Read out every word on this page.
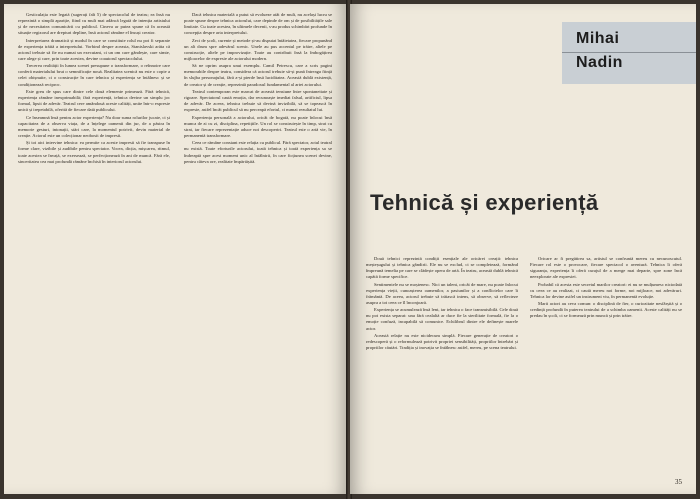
Gesticulația este legată (sugerați faît 5) de spectacolul de teatru; ea însă nu reprezintă o simplă apariție, fiind cu mult mai adâncă legată de intenția artistului și de necesitatea comunicării cu publicul. Cineva ar putea spune că în această situație regizorul are drepturi depline, însă actorul rămâne el însuși creator.

Interpretarea dramatică și modul în care se constituie rolul nu pot fi separate de experiența trăită a interpretului. Vorbind despre aceasta, Stanislavski arăta că actorul trebuie să fie nu numai un executant, ci un om care gândește, care simte, care alege și care, prin toate acestea, devine coautorul spectacolului.

Trecerea realității în lumea scenei presupune o transformare, o reînnoire care conferă materialului brut o semnificație nouă. Realitatea scenică nu este o copie a celei obișnuite, ci o construcție în care tehnica și experiența se întâlnesc și se condiționează reciproc.

Este greu de spus care dintre cele două elemente primează. Fără tehnică, experiența rămâne inexprimabilă; fără experiență, tehnica devine un simplu joc formal, lipsit de adevăr. Teatrul cere amândouă aceste calități, unite într-o expresie unică și irepetabilă, oferită de fiecare dată publicului.

Ce înseamnă însă pentru actor experiența? Nu doar suma rolurilor jucate, ci și capacitatea de a observa viața, de a înțelege oamenii din jur, de a păstra în memorie gesturi, intonații, stări care, la momentul potrivit, devin material de creație. Actorul este un colecționar neobosit de impresii.

Și tot aici intervine tehnica: ea permite ca aceste impresii să fie transpuse în forme clare, vizibile și audibile pentru spectator. Vocea, dicția, mișcarea, ritmul, toate acestea se învață, se exersează, se perfecționează în ani de muncă. Fără ele, sinceritatea cea mai profundă rămâne închisă în interiorul actorului.

Dacă tehnica materială a putut să evolueze atât de mult, nu același lucru se poate spune despre tehnica actorului, care depinde de om și de posibilitățile sale limitate. Cu toate acestea, în ultimele decenii, s-au produs schimbări profunde în concepția despre arta interpretului.

Zeci de școli, curente și metode și-au disputat întâietatea, fiecare propunând un alt drum spre adevărul scenic. Unele au pus accentul pe trăire, altele pe construcție, altele pe improvizație. Toate au contribuit însă la îmbogățirea mijloacelor de expresie ale actorului modern.

Să ne oprim asupra unui exemplu. Camil Petrescu, care a scris pagini memorabile despre teatru, considera că actorul trebuie să-și pună întreaga ființă în slujba personajului, fără a-și pierde însă luciditatea. Această dublă existență, de creator și de creație, reprezintă paradoxul fundamental al artei actorului.

Teatrul contemporan este marcat de această tensiune între spontaneitate și rigoare. Spectatorul caută emoția, dar recunoaște imediat falsul, artificiul, lipsa de adevăr. De aceea, tehnica trebuie să devină invizibilă, să se topească în expresie, astfel încât publicul să nu perceapă efortul, ci numai rezultatul lui.

Experiența personală a actorului, oricât de bogată, nu poate înlocui însă munca de zi cu zi, disciplina, repetițiile. Un rol se construiește în timp, strat cu strat, iar fiecare reprezentație aduce noi descoperiri. Teatrul este o artă vie, în permanentă transformare.

Ceea ce rămâne constant este relația cu publicul. Fără spectator, actul teatral nu există. Toate eforturile actorului, toată tehnica și toată experiența sa se îndreaptă spre acest moment unic al întâlnirii, în care ficțiunea scenei devine, pentru câteva ore, realitate împărtășită.

Mihai
Nadin
Tehnică și experiență

Două tehnici reprezintă condiții esențiale ale oricărei creații: tehnica meșteșugului și tehnica gândirii. Ele nu se exclud, ci se completează, formând împreună temelia pe care se clădește opera de artă. În teatru, această dublă tehnică capătă forme specifice.

Sentimentele nu se moștenesc. Nici un talent, oricât de mare, nu poate înlocui experiența vieții, cunoașterea oamenilor, a pasiunilor și a conflictelor care îi frământă. De aceea, actorul trebuie să trăiască intens, să observe, să reflecteze asupra a tot ceea ce îl înconjoară.

Experiența se acumulează însă lent, iar tehnica o face transmisibilă. Cele două nu pot exista separat: una fără cealaltă ar duce fie la sterilitate formală, fie la o emoție confuză, incapabilă să comunice. Echilibrul dintre ele definește marele actor.

Această relație nu este nicidecum simplă. Fiecare generație de creatori o redescoperă și o reformulează potrivit propriei sensibilități, propriilor întrebări și propriilor căutări. Tradiția și inovația se întâlnesc astfel, mereu, pe scena teatrului.

Oricare ar fi pregătirea sa, artistul se confruntă mereu cu necunoscutul. Fiecare rol este o provocare, fiecare spectacol o aventură. Tehnica îi oferă siguranța, experiența îi oferă curajul de a merge mai departe, spre zone încă neexplorate ale expresiei.

Probabil că acesta este secretul marilor creatori: ei nu se mulțumesc niciodată cu ceea ce au realizat, ci caută mereu noi forme, noi mijloace, noi adevăruri. Tehnica lor devine astfel un instrument viu, în permanentă evoluție.

Marii actori au ceva comun: o disciplină de fier, o curiozitate nesfârșită și o credință profundă în puterea teatrului de a schimba oamenii. Aceste calități nu se predau în școli, ci se formează prin muncă și prin trăire.

35
